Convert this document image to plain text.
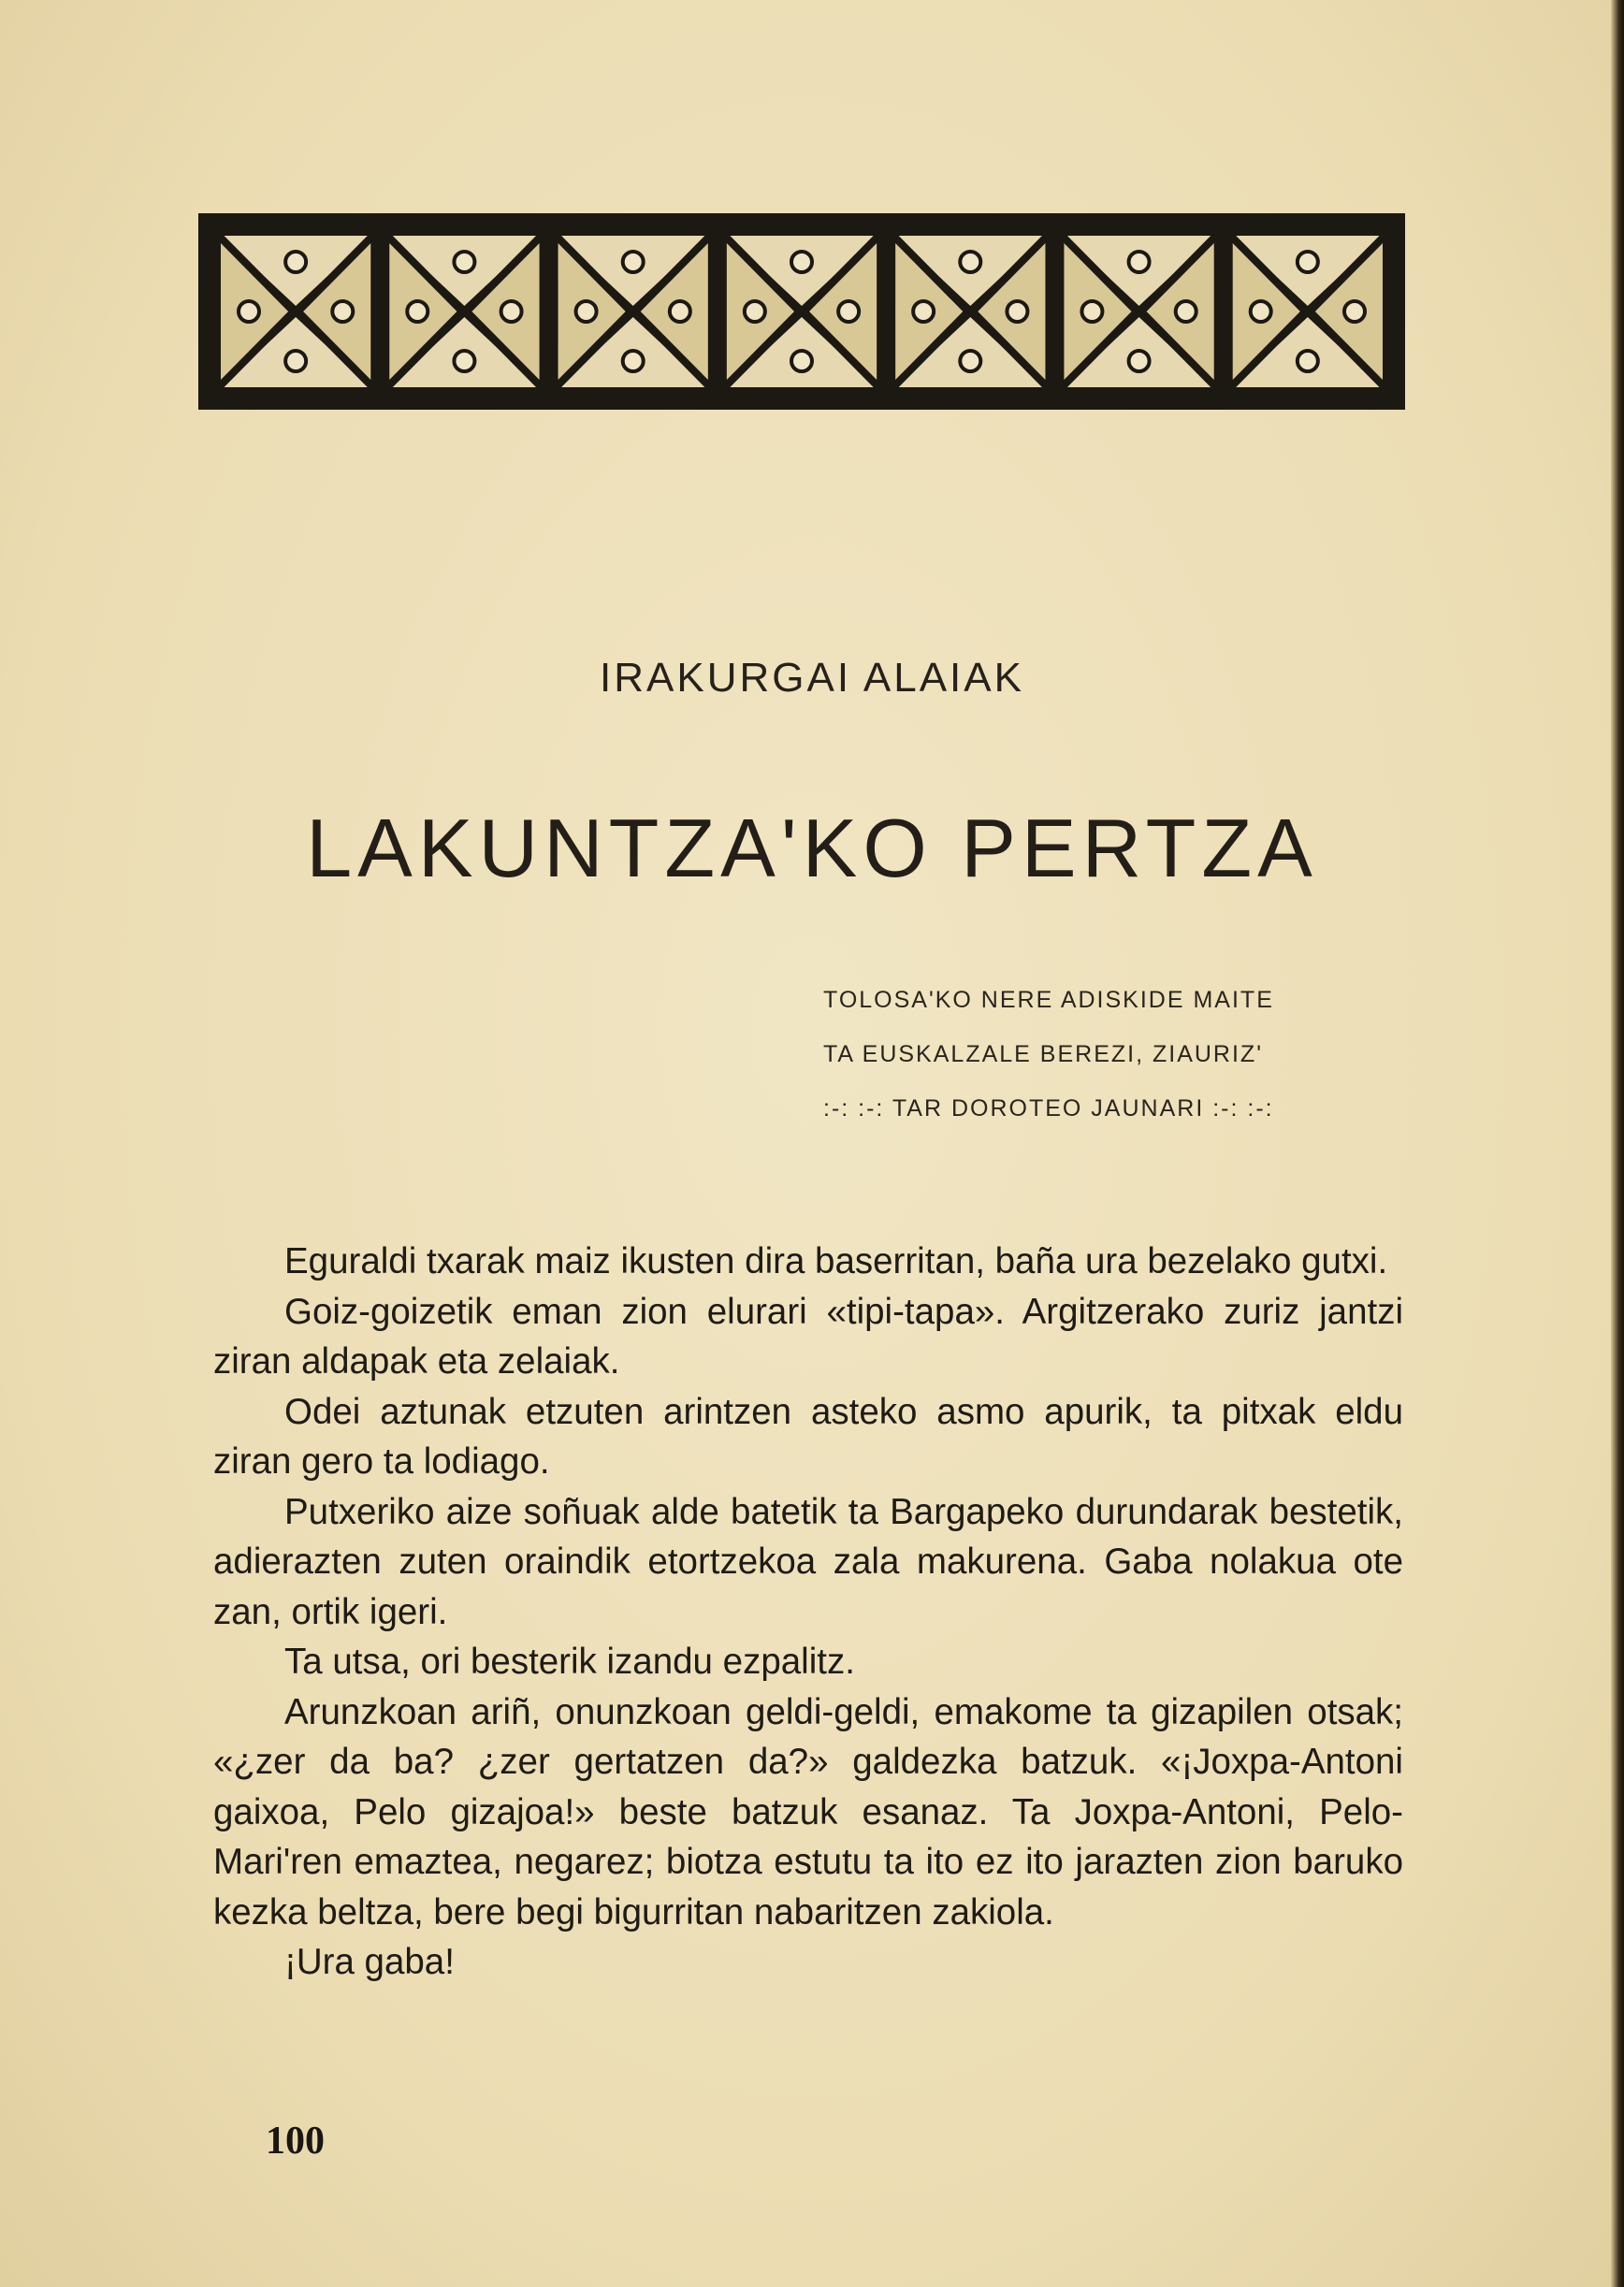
IRAKURGAI ALAIAK
LAKUNTZA'KO PERTZA
TOLOSA'KO NERE ADISKIDE MAITE
TA EUSKALZALE BEREZI, ZIAURIZ'
:-: :-: TAR DOROTEO JAUNARI :-: :-:

Eguraldi txarak maiz ikusten dira baserritan, baña ura bezelako gutxi.

Goiz-goizetik eman zion elurari «tipi-tapa». Argitzerako zuriz jantzi ziran aldapak eta zelaiak.

Odei aztunak etzuten arintzen asteko asmo apurik, ta pitxak eldu ziran gero ta lodiago.

Putxeriko aize soñuak alde batetik ta Bargapeko durundarak bestetik, adierazten zuten oraindik etortzekoa zala makurena. Gaba nolakua ote zan, ortik igeri.

Ta utsa, ori besterik izandu ezpalitz.

Arunzkoan ariñ, onunzkoan geldi-geldi, emakome ta gizapilen otsak; «¿zer da ba? ¿zer gertatzen da?» galdezka batzuk. «¡Joxpa-Antoni gaixoa, Pelo gizajoa!» beste batzuk esanaz. Ta Joxpa-Antoni, Pelo-Mari'ren emaztea, negarez; biotza estutu ta ito ez ito jarazten zion baruko kezka beltza, bere begi bigurritan nabaritzen zakiola.

¡Ura gaba!

100
